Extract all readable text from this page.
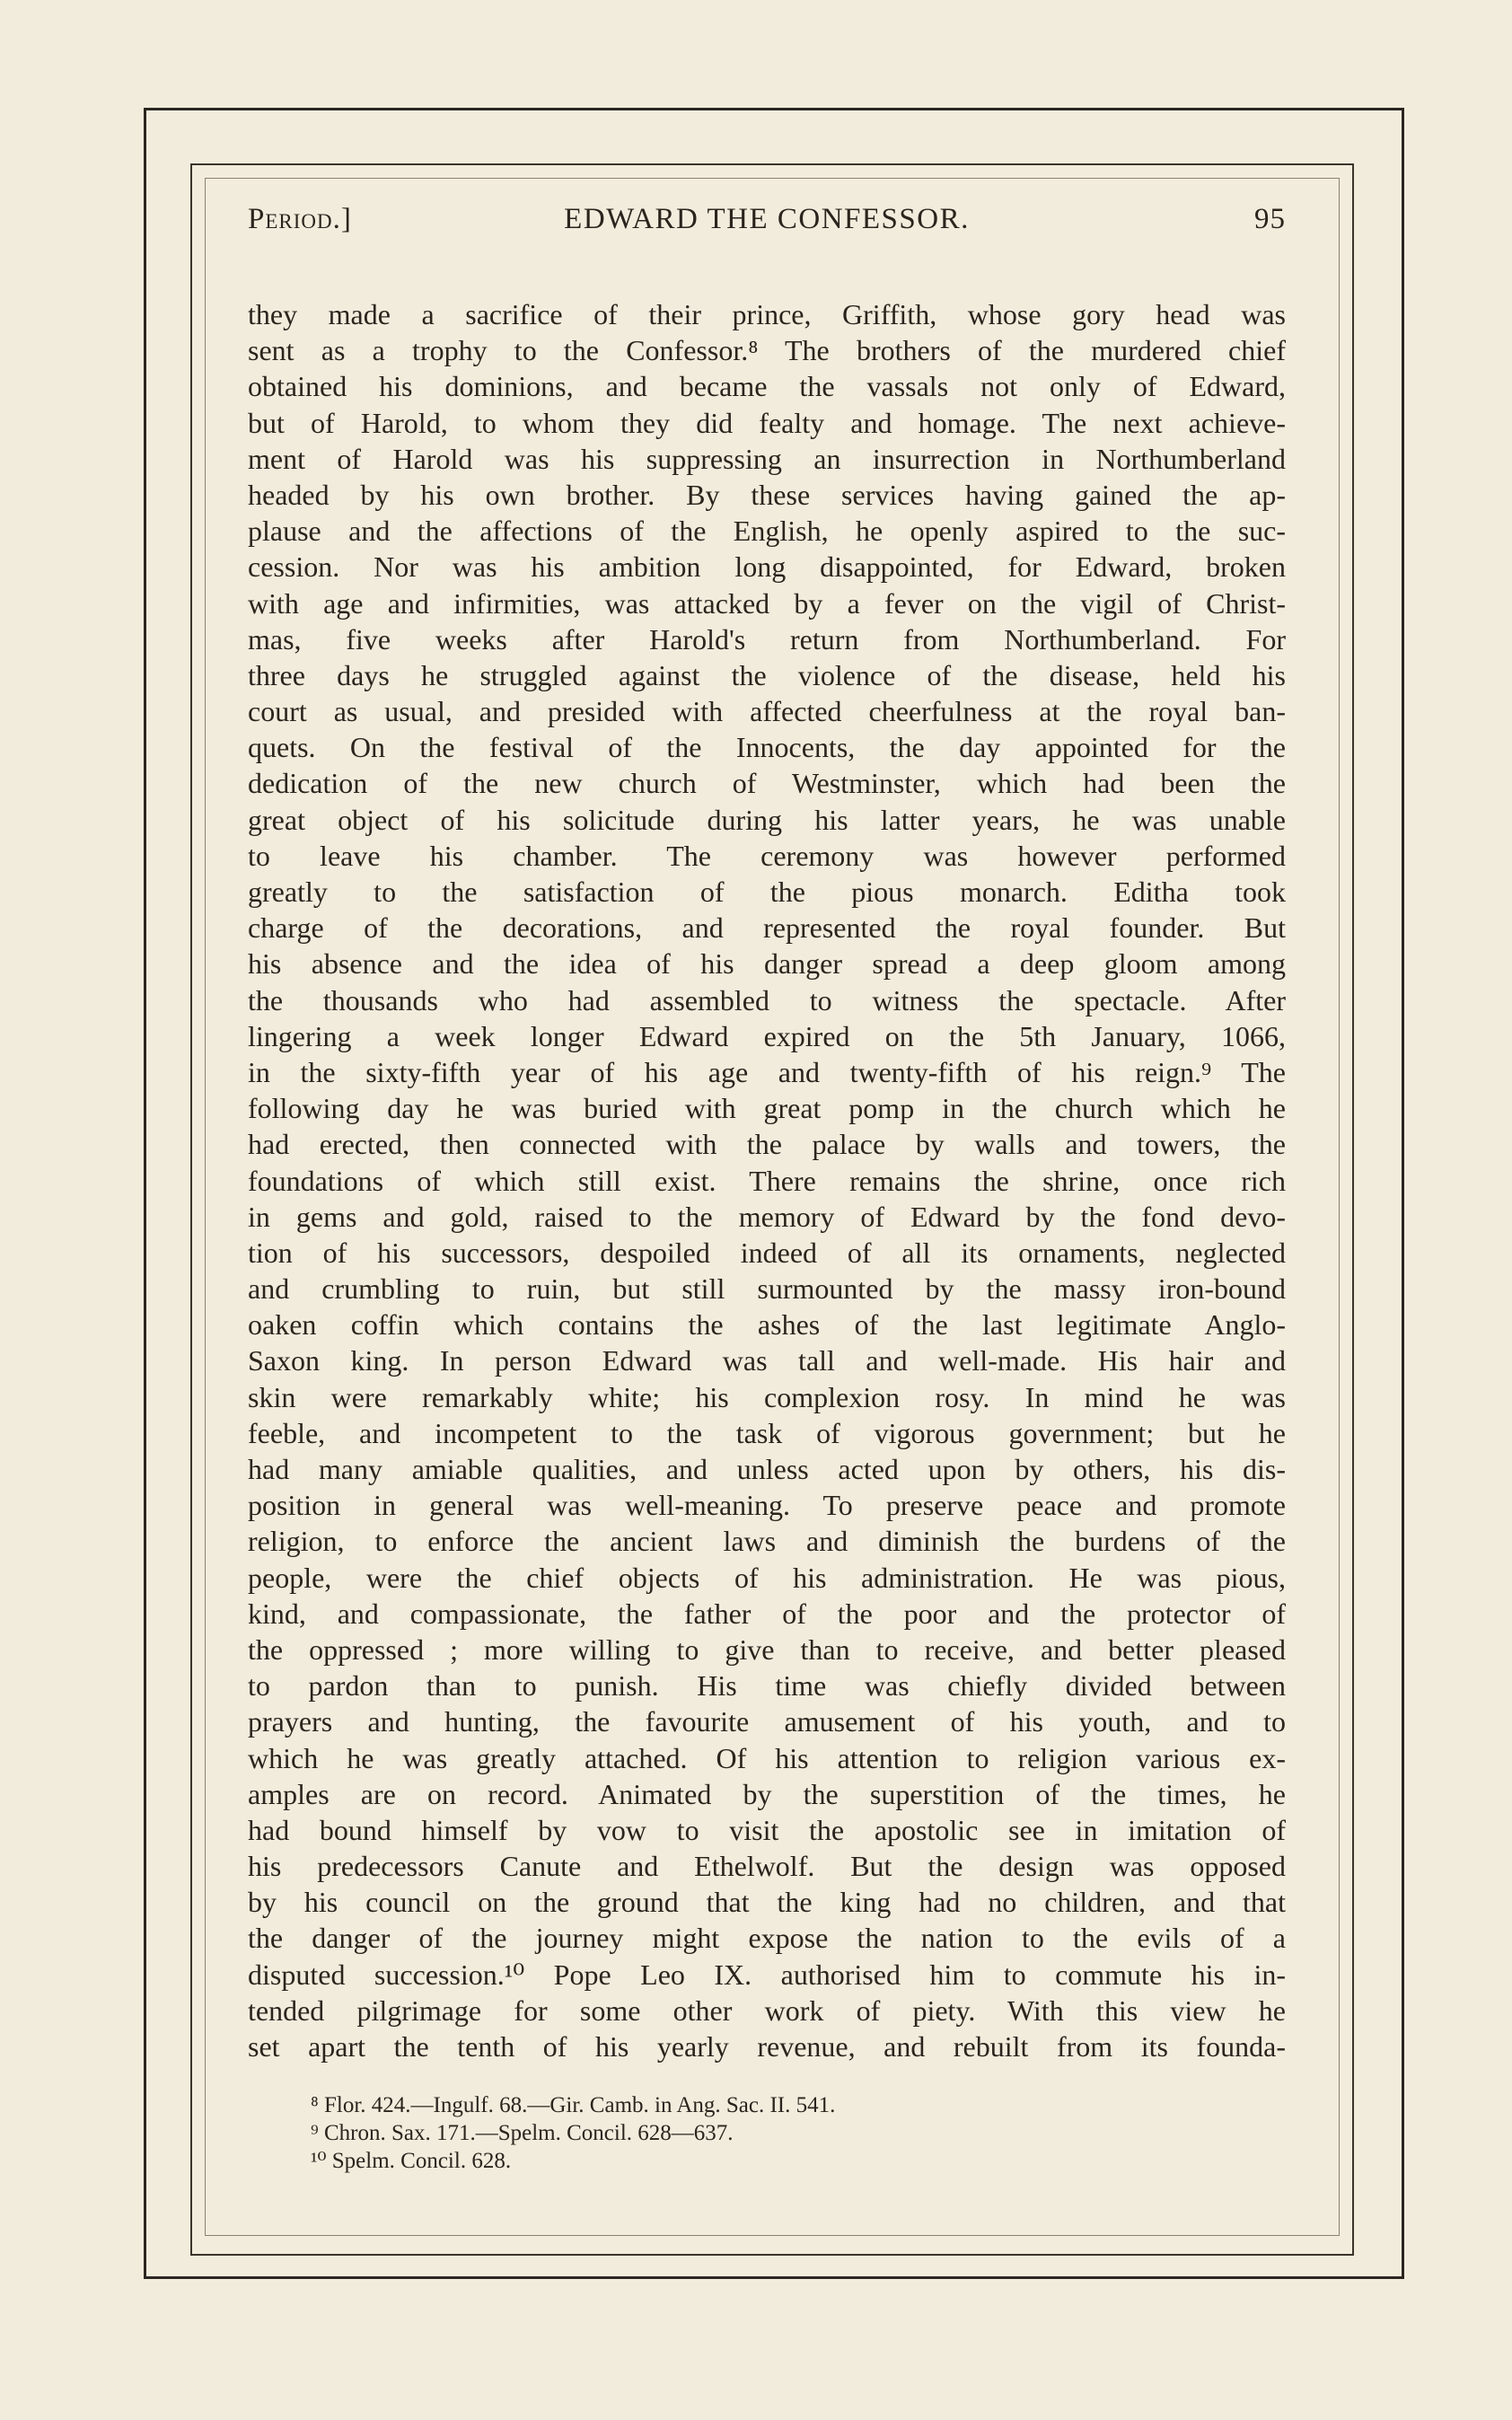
Period.]	EDWARD THE CONFESSOR.	95
they made a sacrifice of their prince, Griffith, whose gory head was
sent as a trophy to the Confessor.⁸ The brothers of the murdered chief
obtained his dominions, and became the vassals not only of Edward,
but of Harold, to whom they did fealty and homage. The next achieve-
ment of Harold was his suppressing an insurrection in Northumberland
headed by his own brother. By these services having gained the ap-
plause and the affections of the English, he openly aspired to the suc-
cession. Nor was his ambition long disappointed, for Edward, broken
with age and infirmities, was attacked by a fever on the vigil of Christ-
mas, five weeks after Harold's return from Northumberland. For
three days he struggled against the violence of the disease, held his
court as usual, and presided with affected cheerfulness at the royal ban-
quets. On the festival of the Innocents, the day appointed for the
dedication of the new church of Westminster, which had been the
great object of his solicitude during his latter years, he was unable
to leave his chamber. The ceremony was however performed
greatly to the satisfaction of the pious monarch. Editha took
charge of the decorations, and represented the royal founder. But
his absence and the idea of his danger spread a deep gloom among
the thousands who had assembled to witness the spectacle. After
lingering a week longer Edward expired on the 5th January, 1066,
in the sixty-fifth year of his age and twenty-fifth of his reign.⁹ The
following day he was buried with great pomp in the church which he
had erected, then connected with the palace by walls and towers, the
foundations of which still exist. There remains the shrine, once rich
in gems and gold, raised to the memory of Edward by the fond devo-
tion of his successors, despoiled indeed of all its ornaments, neglected
and crumbling to ruin, but still surmounted by the massy iron-bound
oaken coffin which contains the ashes of the last legitimate Anglo-
Saxon king. In person Edward was tall and well-made. His hair and
skin were remarkably white; his complexion rosy. In mind he was
feeble, and incompetent to the task of vigorous government; but he
had many amiable qualities, and unless acted upon by others, his dis-
position in general was well-meaning. To preserve peace and promote
religion, to enforce the ancient laws and diminish the burdens of the
people, were the chief objects of his administration. He was pious,
kind, and compassionate, the father of the poor and the protector of
the oppressed ; more willing to give than to receive, and better pleased
to pardon than to punish. His time was chiefly divided between
prayers and hunting, the favourite amusement of his youth, and to
which he was greatly attached. Of his attention to religion various ex-
amples are on record. Animated by the superstition of the times, he
had bound himself by vow to visit the apostolic see in imitation of
his predecessors Canute and Ethelwolf. But the design was opposed
by his council on the ground that the king had no children, and that
the danger of the journey might expose the nation to the evils of a
disputed succession.¹⁰ Pope Leo IX. authorised him to commute his in-
tended pilgrimage for some other work of piety. With this view he
set apart the tenth of his yearly revenue, and rebuilt from its founda-
⁸ Flor. 424.—Ingulf. 68.—Gir. Camb. in Ang. Sac. II. 541.
⁹ Chron. Sax. 171.—Spelm. Concil. 628—637.
¹⁰ Spelm. Concil. 628.
